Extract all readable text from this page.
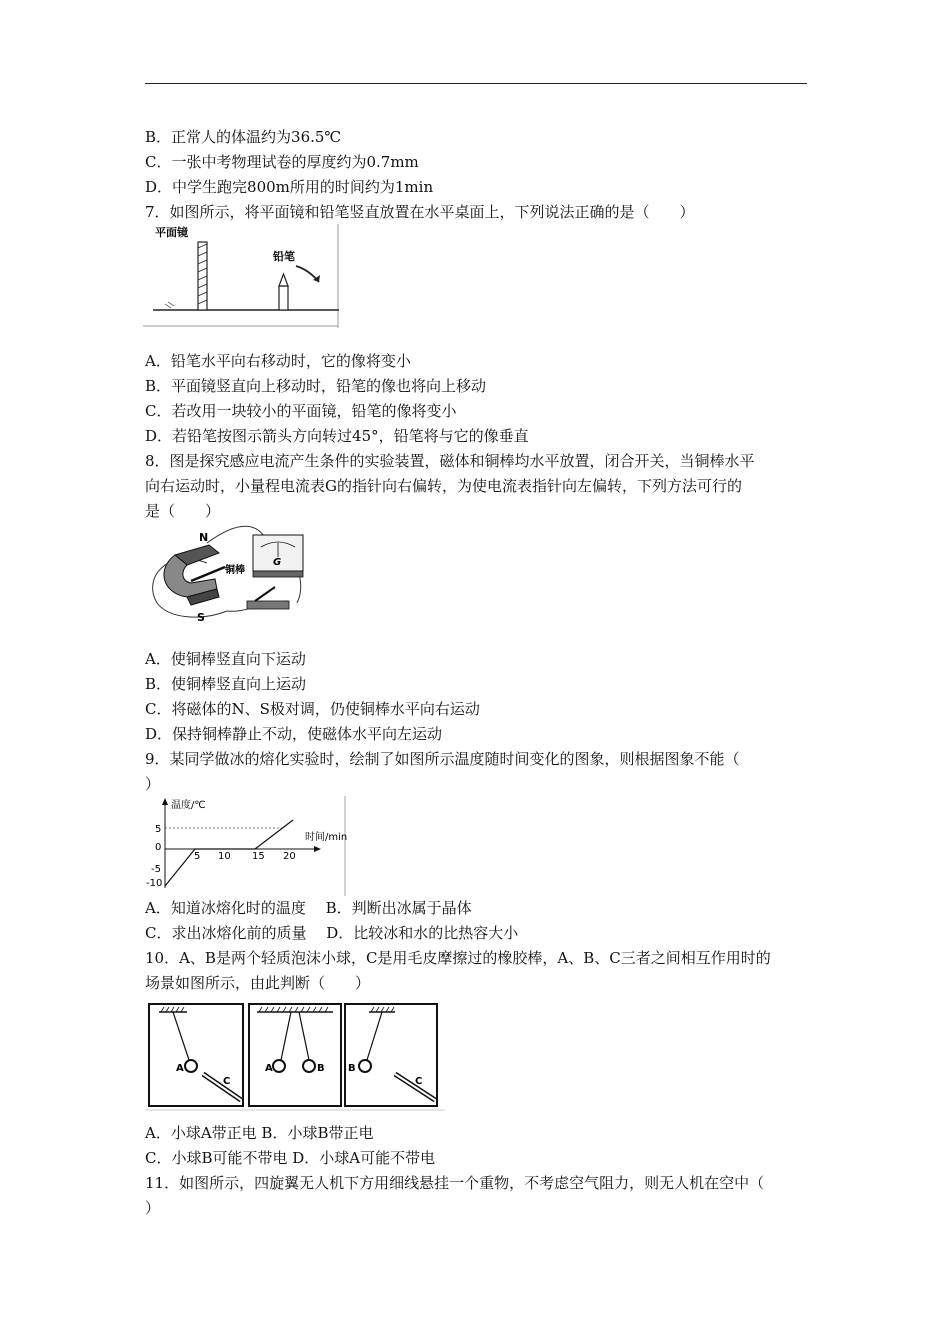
B．正常人的体温约为36.5℃
C．一张中考物理试卷的厚度约为0.7mm
D．中学生跑完800m所用的时间约为1min
7．如图所示，将平面镜和铅笔竖直放置在水平桌面上，下列说法正确的是（　　）
平面镜
铅笔
A．铅笔水平向右移动时，它的像将变小
B．平面镜竖直向上移动时，铅笔的像也将向上移动
C．若改用一块较小的平面镜，铅笔的像将变小
D．若铅笔按图示箭头方向转过45°，铅笔将与它的像垂直
8．图是探究感应电流产生条件的实验装置，磁体和铜棒均水平放置，闭合开关，当铜棒水平
向右运动时，小量程电流表G的指针向右偏转，为使电流表指针向左偏转，下列方法可行的
是（　　）
N
S
铜棒
G
A．使铜棒竖直向下运动
B．使铜棒竖直向上运动
C．将磁体的N、S极对调，仍使铜棒水平向右运动
D．保持铜棒静止不动，使磁体水平向左运动
9．某同学做冰的熔化实验时，绘制了如图所示温度随时间变化的图象，则根据图象不能（
）
温度/℃
时间/min
5
0
-5
-10
5 10 15 20
A．知道冰熔化时的温度　 B．判断出冰属于晶体
C．求出冰熔化前的质量　 D．比较冰和水的比热容大小
10．A、B是两个轻质泡沫小球，C是用毛皮摩擦过的橡胶棒，A、B、C三者之间相互作用时的
场景如图所示，由此判断（　　）
A
C
A	B B
C
A．小球A带正电 B．小球B带正电
C．小球B可能不带电 D．小球A可能不带电
11．如图所示，四旋翼无人机下方用细线悬挂一个重物，不考虑空气阻力，则无人机在空中（
）
